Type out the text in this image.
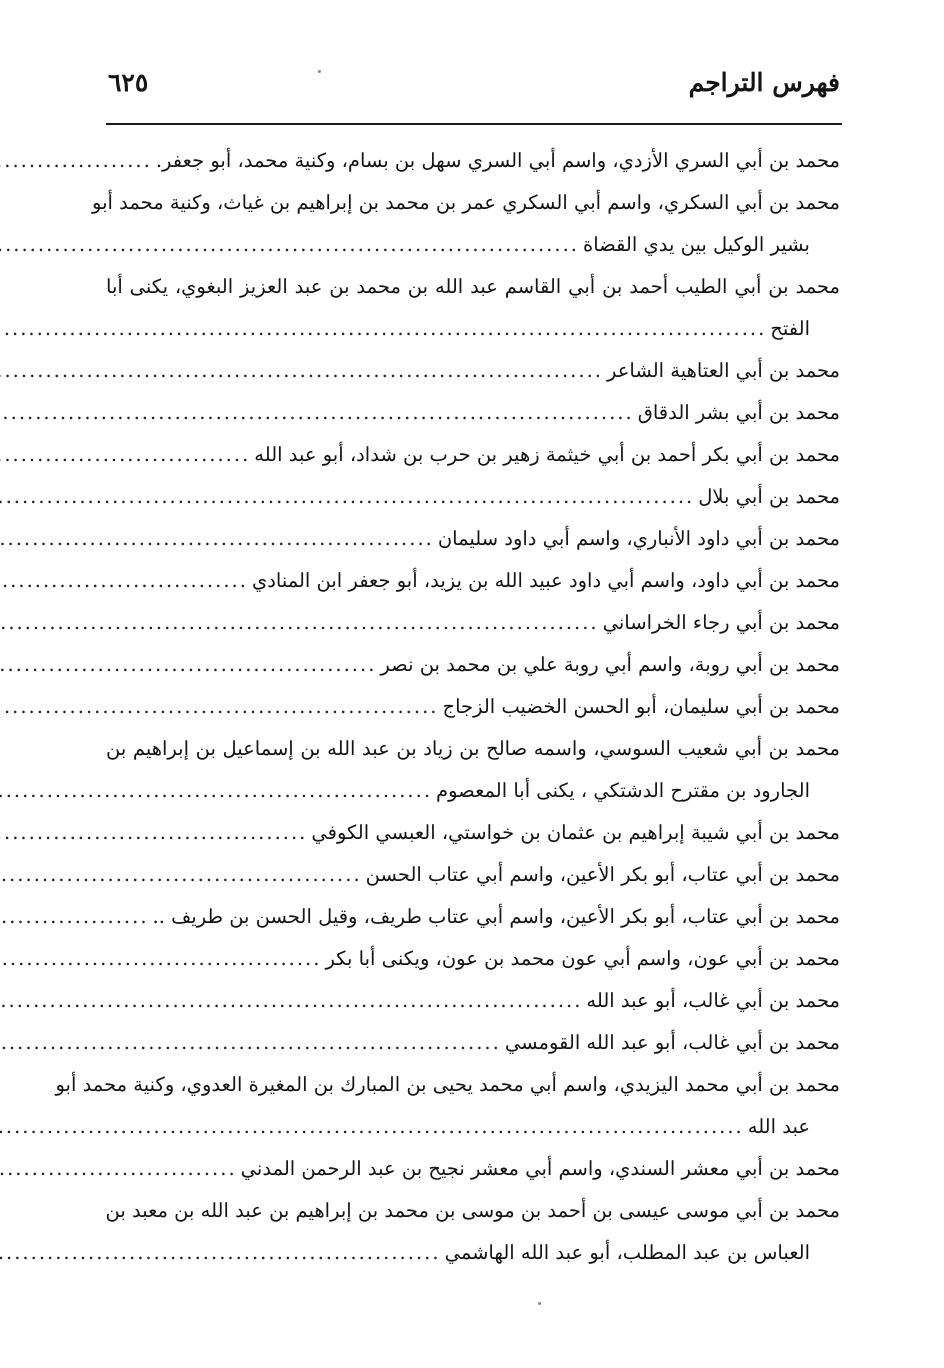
فهرس التراجم
٦٢٥
محمد بن أبي السري الأزدي، واسم أبي السري سهل بن بسام، وكنية محمد، أبو جعفر.
.....
محمد بن أبي السكري، واسم أبي السكري عمر بن محمد بن إبراهيم بن غياث، وكنية محمد أبو
بشير الوكيل بين يدي القضاة
.....
محمد بن أبي الطيب أحمد بن أبي القاسم عبد الله بن محمد بن عبد العزيز البغوي، يكنى أبا
الفتح
.....
محمد بن أبي العتاهية الشاعر
.....
محمد بن أبي بشر الدقاق
.....
محمد بن أبي بكر أحمد بن أبي خيثمة زهير بن حرب بن شداد، أبو عبد الله
.....
محمد بن أبي بلال
.....
محمد بن أبي داود الأنباري، واسم أبي داود سليمان
.....
محمد بن أبي داود، واسم أبي داود عبيد الله بن يزيد، أبو جعفر ابن المنادي
.....
محمد بن أبي رجاء الخراساني
.....
محمد بن أبي روبة، واسم أبي روبة علي بن محمد بن نصر
.....
محمد بن أبي سليمان، أبو الحسن الخضيب الزجاج
.....
محمد بن أبي شعيب السوسي، واسمه صالح بن زياد بن عبد الله بن إسماعيل بن إبراهيم بن
الجارود بن مقترح الدشتكي ، يكنى أبا المعصوم
.....
محمد بن أبي شيبة إبراهيم بن عثمان بن خواستي، العبسي الكوفي
.....
محمد بن أبي عتاب، أبو بكر الأعين، واسم أبي عتاب الحسن
.....
محمد بن أبي عتاب، أبو بكر الأعين، واسم أبي عتاب طريف، وقيل الحسن بن طريف ..
.....
محمد بن أبي عون، واسم أبي عون محمد بن عون، ويكنى أبا بكر
.....
محمد بن أبي غالب، أبو عبد الله
.....
محمد بن أبي غالب، أبو عبد الله القومسي
.....
محمد بن أبي محمد اليزيدي، واسم أبي محمد يحيى بن المبارك بن المغيرة العدوي، وكنية محمد أبو
عبد الله
.....
محمد بن أبي معشر السندي، واسم أبي معشر نجيح بن عبد الرحمن المدني
.....
محمد بن أبي موسى عيسى بن أحمد بن موسى بن محمد بن إبراهيم بن عبد الله بن معبد بن
العباس بن عبد المطلب، أبو عبد الله الهاشمي
.....
